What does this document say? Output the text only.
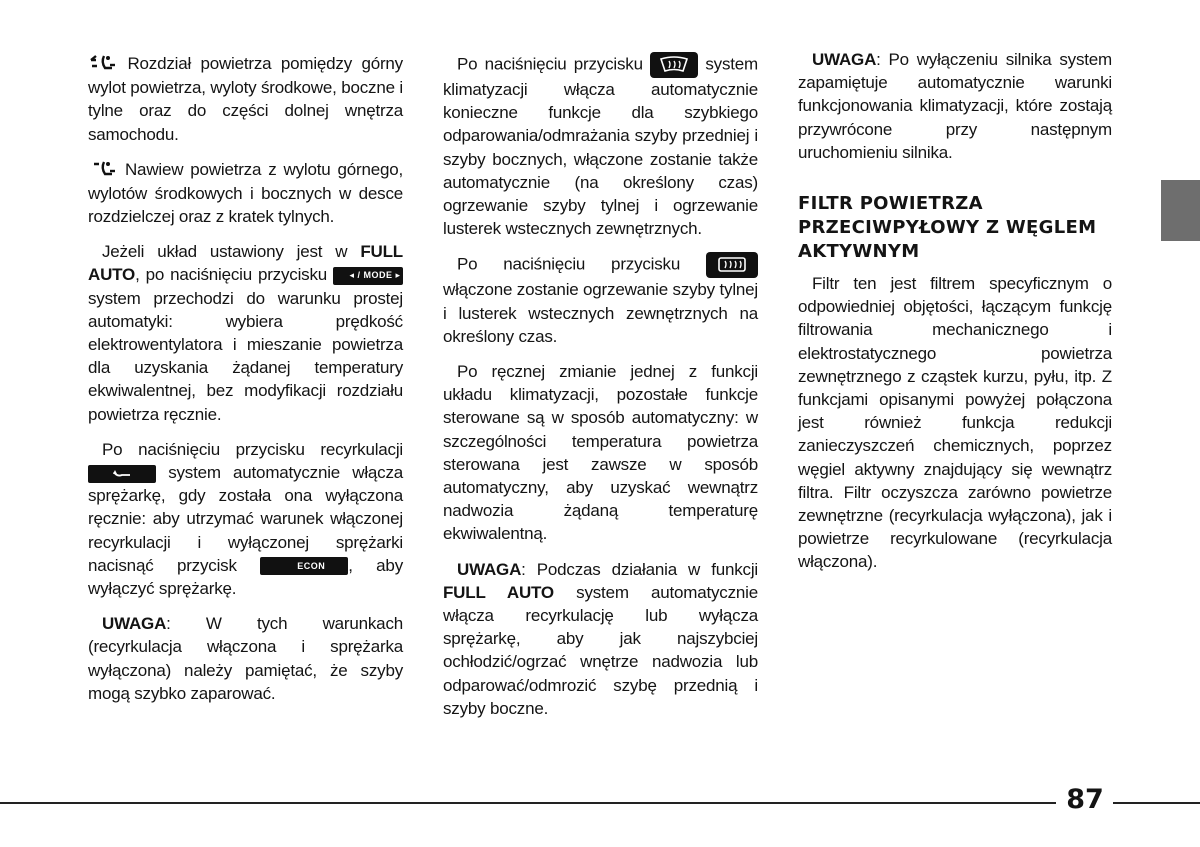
Rozdział powietrza pomiędzy górny wylot powietrza, wyloty środkowe, boczne i tylne oraz do części dolnej wnętrza samochodu.

Nawiew powietrza z wylotu górnego, wylotów środkowych i bocznych w desce rozdzielczej oraz z kratek tylnych.

Jeżeli układ ustawiony jest w FULL AUTO, po naciśnięciu przycisku ◂ / MODE ▸ system przechodzi do warunku prostej automatyki: wybiera prędkość elektrowentylatora i mieszanie powietrza dla uzyskania żądanej temperatury ekwiwalentnej, bez modyfikacji rozdziału powietrza ręcznie.

Po naciśnięciu przycisku recyrkulacji
system automatycznie włącza sprężarkę, gdy została ona wyłączona ręcznie: aby utrzymać warunek włączonej recyrkulacji i wyłączonej sprężarki nacisnąć przycisk	ECON , aby wyłączyć sprężarkę.

UWAGA: W tych warunkach (recyrkulacja włączona i sprężarka wyłączona) należy pamiętać, że szyby mogą szybko zaparować.

Po naciśnięciu przycisku	system klimatyzacji włącza automatycznie konieczne funkcje dla szybkiego odparowania/odmrażania szyby przedniej i szyby bocznych, włączone zostanie także automatycznie (na określony czas) ogrzewanie szyby tylnej i ogrzewanie lusterek wstecznych zewnętrznych.

Po naciśnięciu przycisku
włączone zostanie ogrzewanie szyby tylnej i lusterek wstecznych zewnętrznych na określony czas.

Po ręcznej zmianie jednej z funkcji układu klimatyzacji, pozostałe funkcje sterowane są w sposób automatyczny: w szczególności temperatura powietrza sterowana jest zawsze w sposób automatyczny, aby uzyskać wewnątrz nadwozia żądaną temperaturę ekwiwalentną.

UWAGA: Podczas działania w funkcji FULL AUTO system automatycznie włącza recyrkulację lub wyłącza sprężarkę, aby jak najszybciej ochłodzić/ogrzać wnętrze nadwozia lub odparować/odmrozić szybę przednią i szyby boczne.

UWAGA: Po wyłączeniu silnika system zapamiętuje automatycznie warunki funkcjonowania klimatyzacji, które zostają przywrócone przy następnym uruchomieniu silnika.

FILTR POWIETRZA PRZECIWPYŁOWY Z WĘGLEM AKTYWNYM

Filtr ten jest filtrem specyficznym o odpowiedniej objętości, łączącym funkcję filtrowania mechanicznego i elektrostatycznego powietrza zewnętrznego z cząstek kurzu, pyłu, itp. Z funkcjami opisanymi powyżej połączona jest również funkcja redukcji zanieczyszczeń chemicznych, poprzez węgiel aktywny znajdujący się wewnątrz filtra. Filtr oczyszcza zarówno powietrze zewnętrzne (recyrkulacja wyłączona), jak i powietrze recyrkulowane (recyrkulacja włączona).

87
